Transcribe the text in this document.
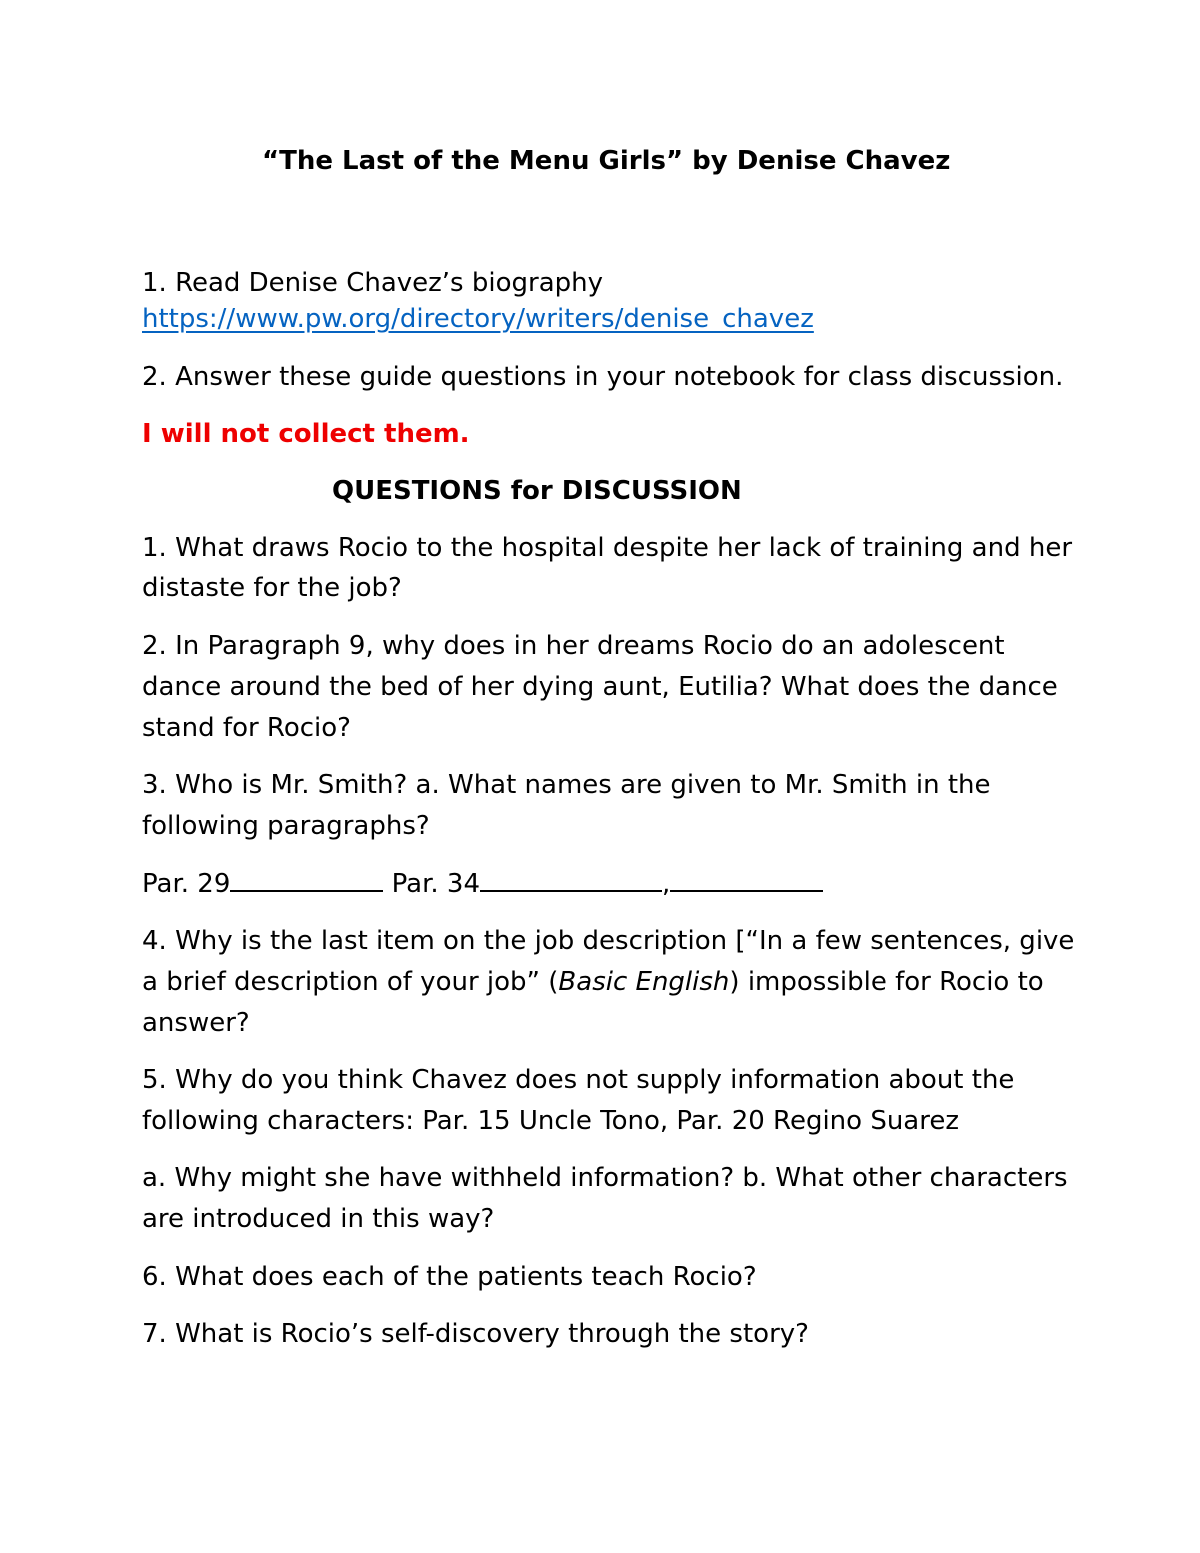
“The Last of the Menu Girls” by Denise Chavez

1. Read Denise Chavez’s biography

https://www.pw.org/directory/writers/denise_chavez

2. Answer these guide questions in your notebook for class discussion.

I will not collect them.

QUESTIONS for DISCUSSION

1. What draws Rocio to the hospital despite her lack of training and her

distaste for the job?

2. In Paragraph 9, why does in her dreams Rocio do an adolescent

dance around the bed of her dying aunt, Eutilia? What does the dance

stand for Rocio?

3. Who is Mr. Smith? a. What names are given to Mr. Smith in the

following paragraphs?

Par. 29	Par. 34	,

4. Why is the last item on the job description [“In a few sentences, give

a brief description of your job” (Basic English) impossible for Rocio to

answer?

5. Why do you think Chavez does not supply information about the

following characters: Par. 15 Uncle Tono, Par. 20 Regino Suarez

a. Why might she have withheld information? b. What other characters

are introduced in this way?

6. What does each of the patients teach Rocio?

7. What is Rocio’s self-discovery through the story?
